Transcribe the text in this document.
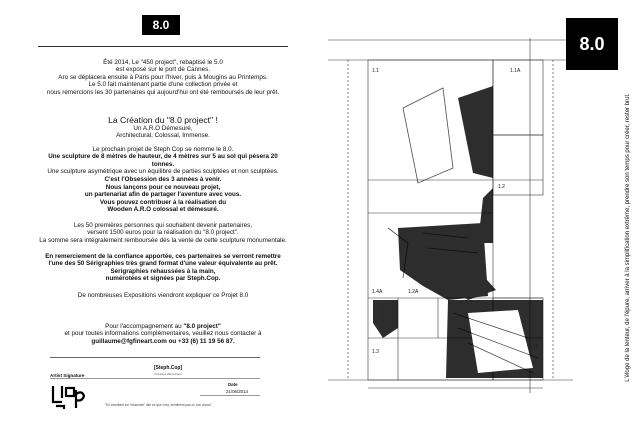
8.0

Été 2014, Le "450 project", rebaptisé le 5.0

est exposé sur le port de Cannes.

Aro se déplacera ensuite à Paris pour l'hiver, puis à Mougins au Printemps.

Le 5.0 fait maintenant partie d'une collection privée et

nous remercions les 30 partenaires qui aujourd'hui ont été remboursés de leur prêt.

La Création du "8.0 project" !

Un A.R.O Démesuré,

Architectural, Colossal, Immense.

Le prochain projet de Steph Cop se nomme le 8.0.

Une sculpture de 8 mètres de hauteur, de 4 mètres sur 5 au sol qui pèsera 20 tonnes.

Une sculpture asymétrique avec un équilibre de parties sculptées et non sculptées.

C'est l'Obsession des 3 années à venir.

Nous lançons pour ce nouveau projet,

un partenariat afin de partager l'aventure avec vous.

Vous pouvez contribuer à la réalisation du

Wooden A.R.O colossal et démesuré.

Les 50 premières personnes qui souhaitent devenir partenaires,

versent 1500 euros pour la réalisation du "8.0 project".

La somme sera intégralement remboursée dès la vente de cette sculpture monumentale.

En remerciement de la confiance apportée, ces partenaires se verront remettre

l'une des 50 Sérigraphies très grand format d'une valeur équivalente au prêt.

Sérigraphies rehaussées à la main,

numérotées et signées par Steph.Cop.

De nombreuses Expositions viendront expliquer ce Projet 8.0

Pour l'accompagnement au "8.0 project"

et pour toutes informations complémentaires, veuillez nous contacter à

guillaume@fgfineart.com ou +33 (6) 11 19 56 87.

[Steph.Cop]
Créateur d'Emotions
Artist Signature
Date
21/06/2014
"En inventant sur l'essentiel" dite ce que c'est, sentiment pas ou non chose"
1.1	1.1A
1.2
1.3
1.3A
1.4A	1.2A
8.0
L'éloge de la lenteur, de l'épure, arriver à la simplification extrême, prendre son temps pour créer, rester brut.
